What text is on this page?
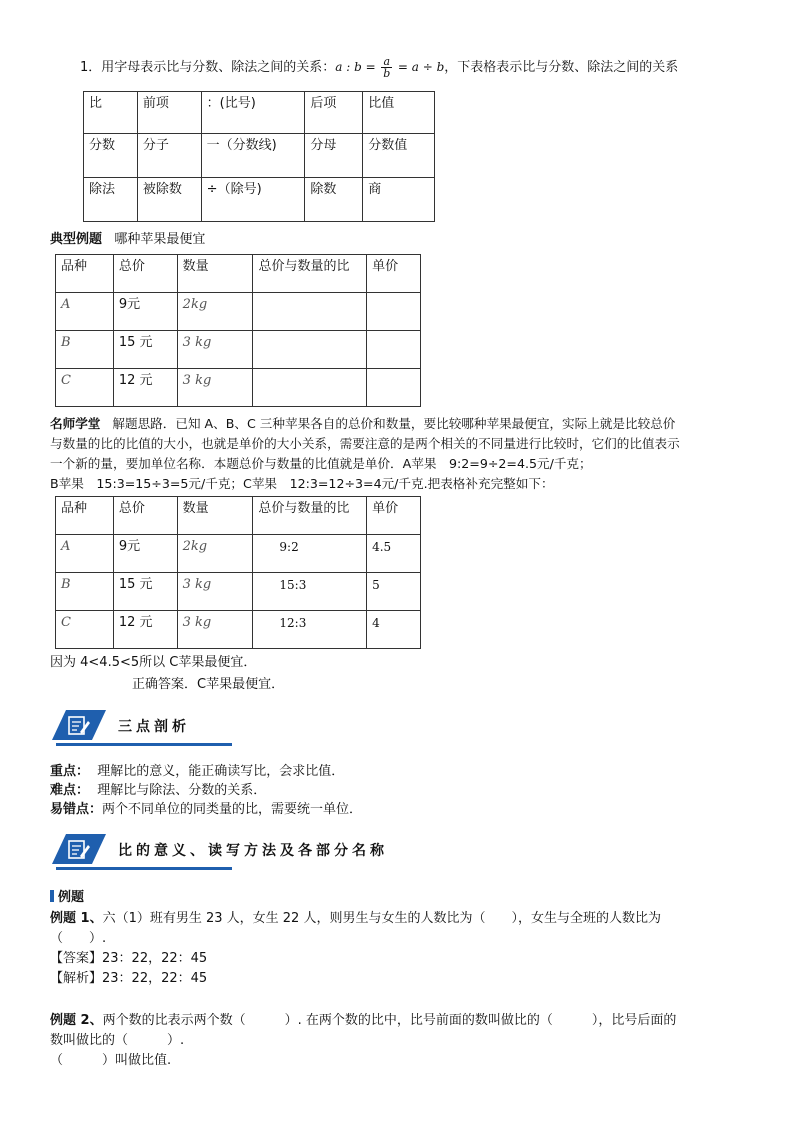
1．用字母表示比与分数、除法之间的关系：a : $b = \frac{a}{b} = a \div b$，下表格表示比与分数、除法之间的关系
比	前项	：(比号)	后项	比值
分数	分子	一（分数线)	分母	分数值
除法	被除数	÷（除号)	除数	商
典型例题 哪种苹果最便宜
品种	总价	数量	总价与数量的比	单价
A	9元	2kg		
B	15 元	3 kg		
C	12 元	3 kg		
名师学堂 解题思路．已知 A、B、C 三种苹果各自的总价和数量，要比较哪种苹果最便宜，实际上就是比较总价
与数量的比的比值的大小，也就是单价的大小关系，需要注意的是两个相关的不同量进行比较时，它们的比值表示
一个新的量，要加单位名称．本题总价与数量的比值就是单价．A苹果　9:2=9÷2=4.5元/千克；
B苹果　15:3=15÷3=5元/千克；C苹果　12:3=12÷3=4元/千克.把表格补充完整如下：
品种	总价	数量	总价与数量的比	单价
A	9元	2kg	9:2	4.5
B	15 元	3 kg	15:3	5
C	12 元	3 kg	12:3	4
因为 4<4.5<5所以 C苹果最便宜．
正确答案．C苹果最便宜．
三点剖析
重点： 理解比的意义，能正确读写比，会求比值．
难点： 理解比与除法、分数的关系．
易错点：两个不同单位的同类量的比，需要统一单位．
比的意义、读写方法及各部分名称
例题
例题 1、六（1）班有男生 23 人，女生 22 人，则男生与女生的人数比为（　　），女生与全班的人数比为
（　　）.
【答案】23：22，22：45
【解析】23：22，22：45
例题 2、两个数的比表示两个数（　　　）. 在两个数的比中，比号前面的数叫做比的（　　　），比号后面的
数叫做比的（　　　）.
（　　　）叫做比值.
